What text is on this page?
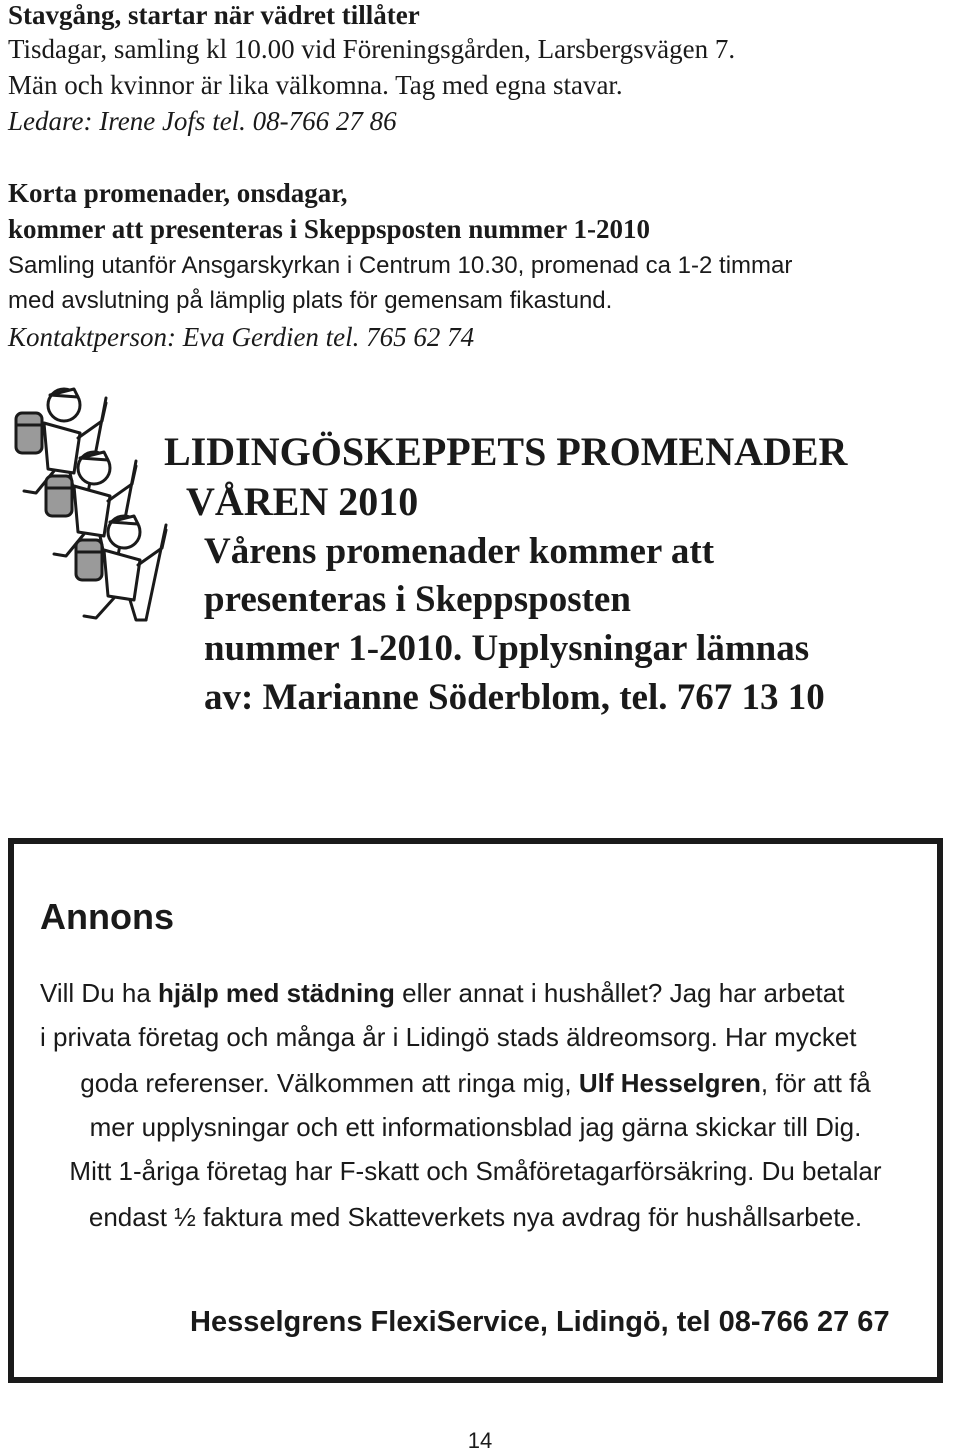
Stavgång, startar när vädret tillåter
Tisdagar, samling kl 10.00 vid Föreningsgården, Larsbergsvägen 7.
Män och kvinnor är lika välkomna. Tag med egna stavar.
Ledare: Irene Jofs tel. 08-766 27 86
Korta promenader, onsdagar,
kommer att presenteras i Skeppsposten nummer 1-2010
Samling utanför Ansgarskyrkan i Centrum 10.30, promenad ca 1-2 timmar
med avslutning på lämplig plats för gemensam fikastund.
Kontaktperson: Eva Gerdien tel. 765 62 74
LIDINGÖSKEPPETS PROMENADER
VÅREN 2010
Vårens promenader kommer att
presenteras i Skeppsposten
nummer 1-2010. Upplysningar lämnas
av: Marianne Söderblom, tel. 767 13 10
Annons
Vill Du ha hjälp med städning eller annat i hushållet? Jag har arbetat
i privata företag och många år i Lidingö stads äldreomsorg. Har mycket
goda referenser. Välkommen att ringa mig, Ulf Hesselgren, för att få
mer upplysningar och ett informationsblad jag gärna skickar till Dig.
Mitt 1-åriga företag har F-skatt och Småföretagarförsäkring. Du betalar
endast ½ faktura med Skatteverkets nya avdrag för hushållsarbete.
Hesselgrens FlexiService, Lidingö, tel 08-766 27 67
14
